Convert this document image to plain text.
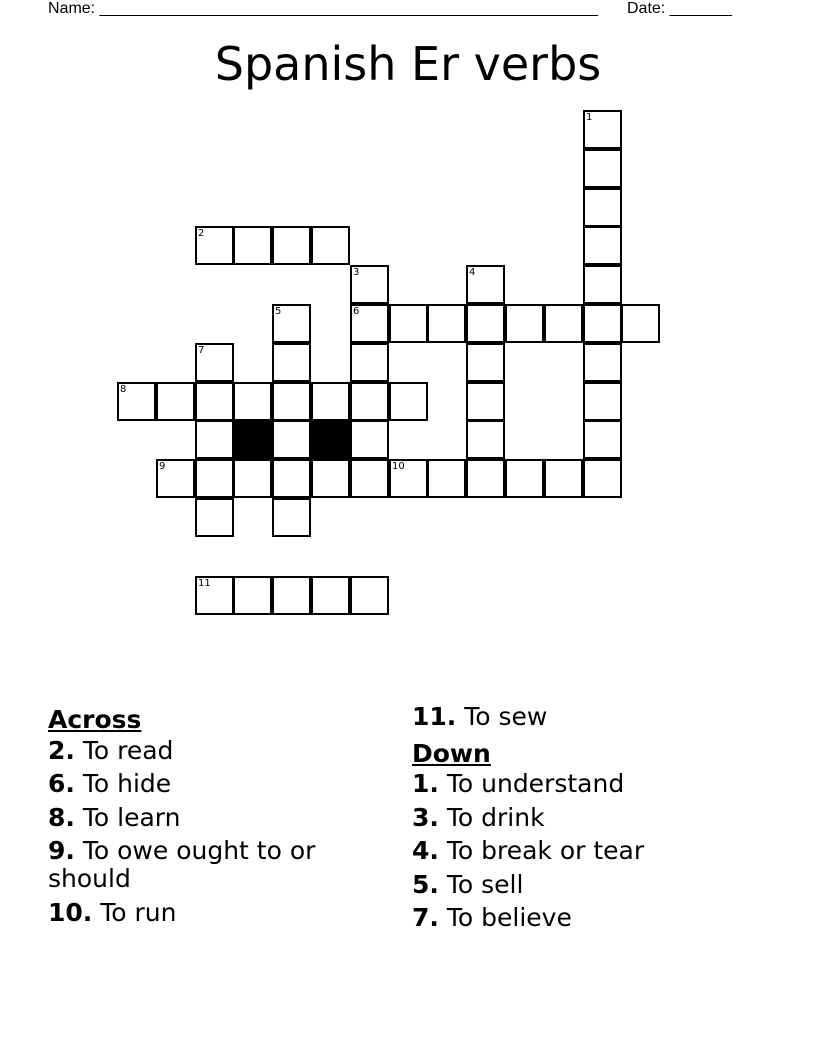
Name: ________________________________________________________ Date: _______
Spanish Er verbs
1
2
3	4
5	6
7
8
9	10
11
Across
2. To read
6. To hide
8. To learn
9. To owe ought to or should
10. To run
11. To sew
Down
1. To understand
3. To drink
4. To break or tear
5. To sell
7. To believe
